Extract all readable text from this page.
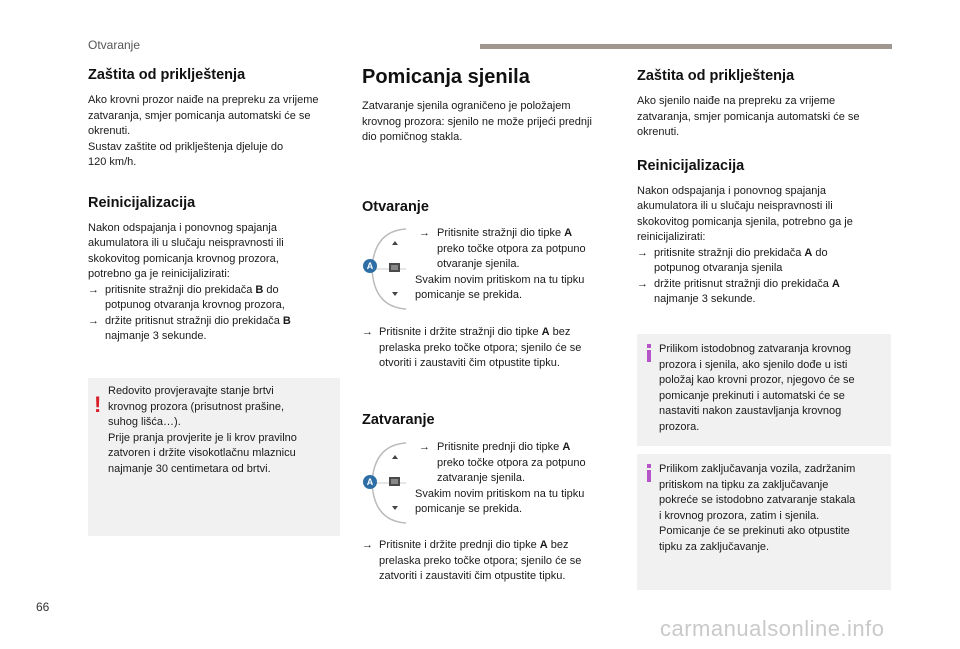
Otvaranje
Zaštita od priklještenja

Ako krovni prozor naiđe na prepreku za vrijeme

zatvaranja, smjer pomicanja automatski će se

okrenuti.

Sustav zaštite od priklještenja djeluje do

120 km/h.

Reinicijalizacija

Nakon odspajanja i ponovnog spajanja

akumulatora ili u slučaju neispravnosti ili

skokovitog pomicanja krovnog prozora,

potrebno ga je reinicijalizirati:

→ pritisnite stražnji dio prekidača B do

potpunog otvaranja krovnog prozora,

→ držite pritisnut stražnji dio prekidača B

najmanje 3 sekunde.

!

Redovito provjeravajte stanje brtvi

krovnog prozora (prisutnost prašine,

suhog lišća…).

Prije pranja provjerite je li krov pravilno

zatvoren i držite visokotlačnu mlaznicu

najmanje 30 centimetara od brtvi.

Pomicanja sjenila

Zatvaranje sjenila ograničeno je položajem

krovnog prozora: sjenilo ne može prijeći prednji

dio pomičnog stakla.

Otvaranje
A

→ Pritisnite stražnji dio tipke A

preko točke otpora za potpuno

otvaranje sjenila.

Svakim novim pritiskom na tu tipku

pomicanje se prekida.

→ Pritisnite i držite stražnji dio tipke A bez

prelaska preko točke otpora; sjenilo će se

otvoriti i zaustaviti čim otpustite tipku.

Zatvaranje
A

→ Pritisnite prednji dio tipke A

preko točke otpora za potpuno

zatvaranje sjenila.

Svakim novim pritiskom na tu tipku

pomicanje se prekida.

→ Pritisnite i držite prednji dio tipke A bez

prelaska preko točke otpora; sjenilo će se

zatvoriti i zaustaviti čim otpustite tipku.

Zaštita od priklještenja

Ako sjenilo naiđe na prepreku za vrijeme

zatvaranja, smjer pomicanja automatski će se

okrenuti.

Reinicijalizacija

Nakon odspajanja i ponovnog spajanja

akumulatora ili u slučaju neispravnosti ili

skokovitog pomicanja sjenila, potrebno ga je

reinicijalizirati:

→ pritisnite stražnji dio prekidača A do

potpunog otvaranja sjenila

→ držite pritisnut stražnji dio prekidača A

najmanje 3 sekunde.

Prilikom istodobnog zatvaranja krovnog

prozora i sjenila, ako sjenilo dođe u isti

položaj kao krovni prozor, njegovo će se

pomicanje prekinuti i automatski će se

nastaviti nakon zaustavljanja krovnog

prozora.

Prilikom zaključavanja vozila, zadržanim

pritiskom na tipku za zaključavanje

pokreće se istodobno zatvaranje stakala

i krovnog prozora, zatim i sjenila.

Pomicanje će se prekinuti ako otpustite

tipku za zaključavanje.

66
carmanualsonline.info
